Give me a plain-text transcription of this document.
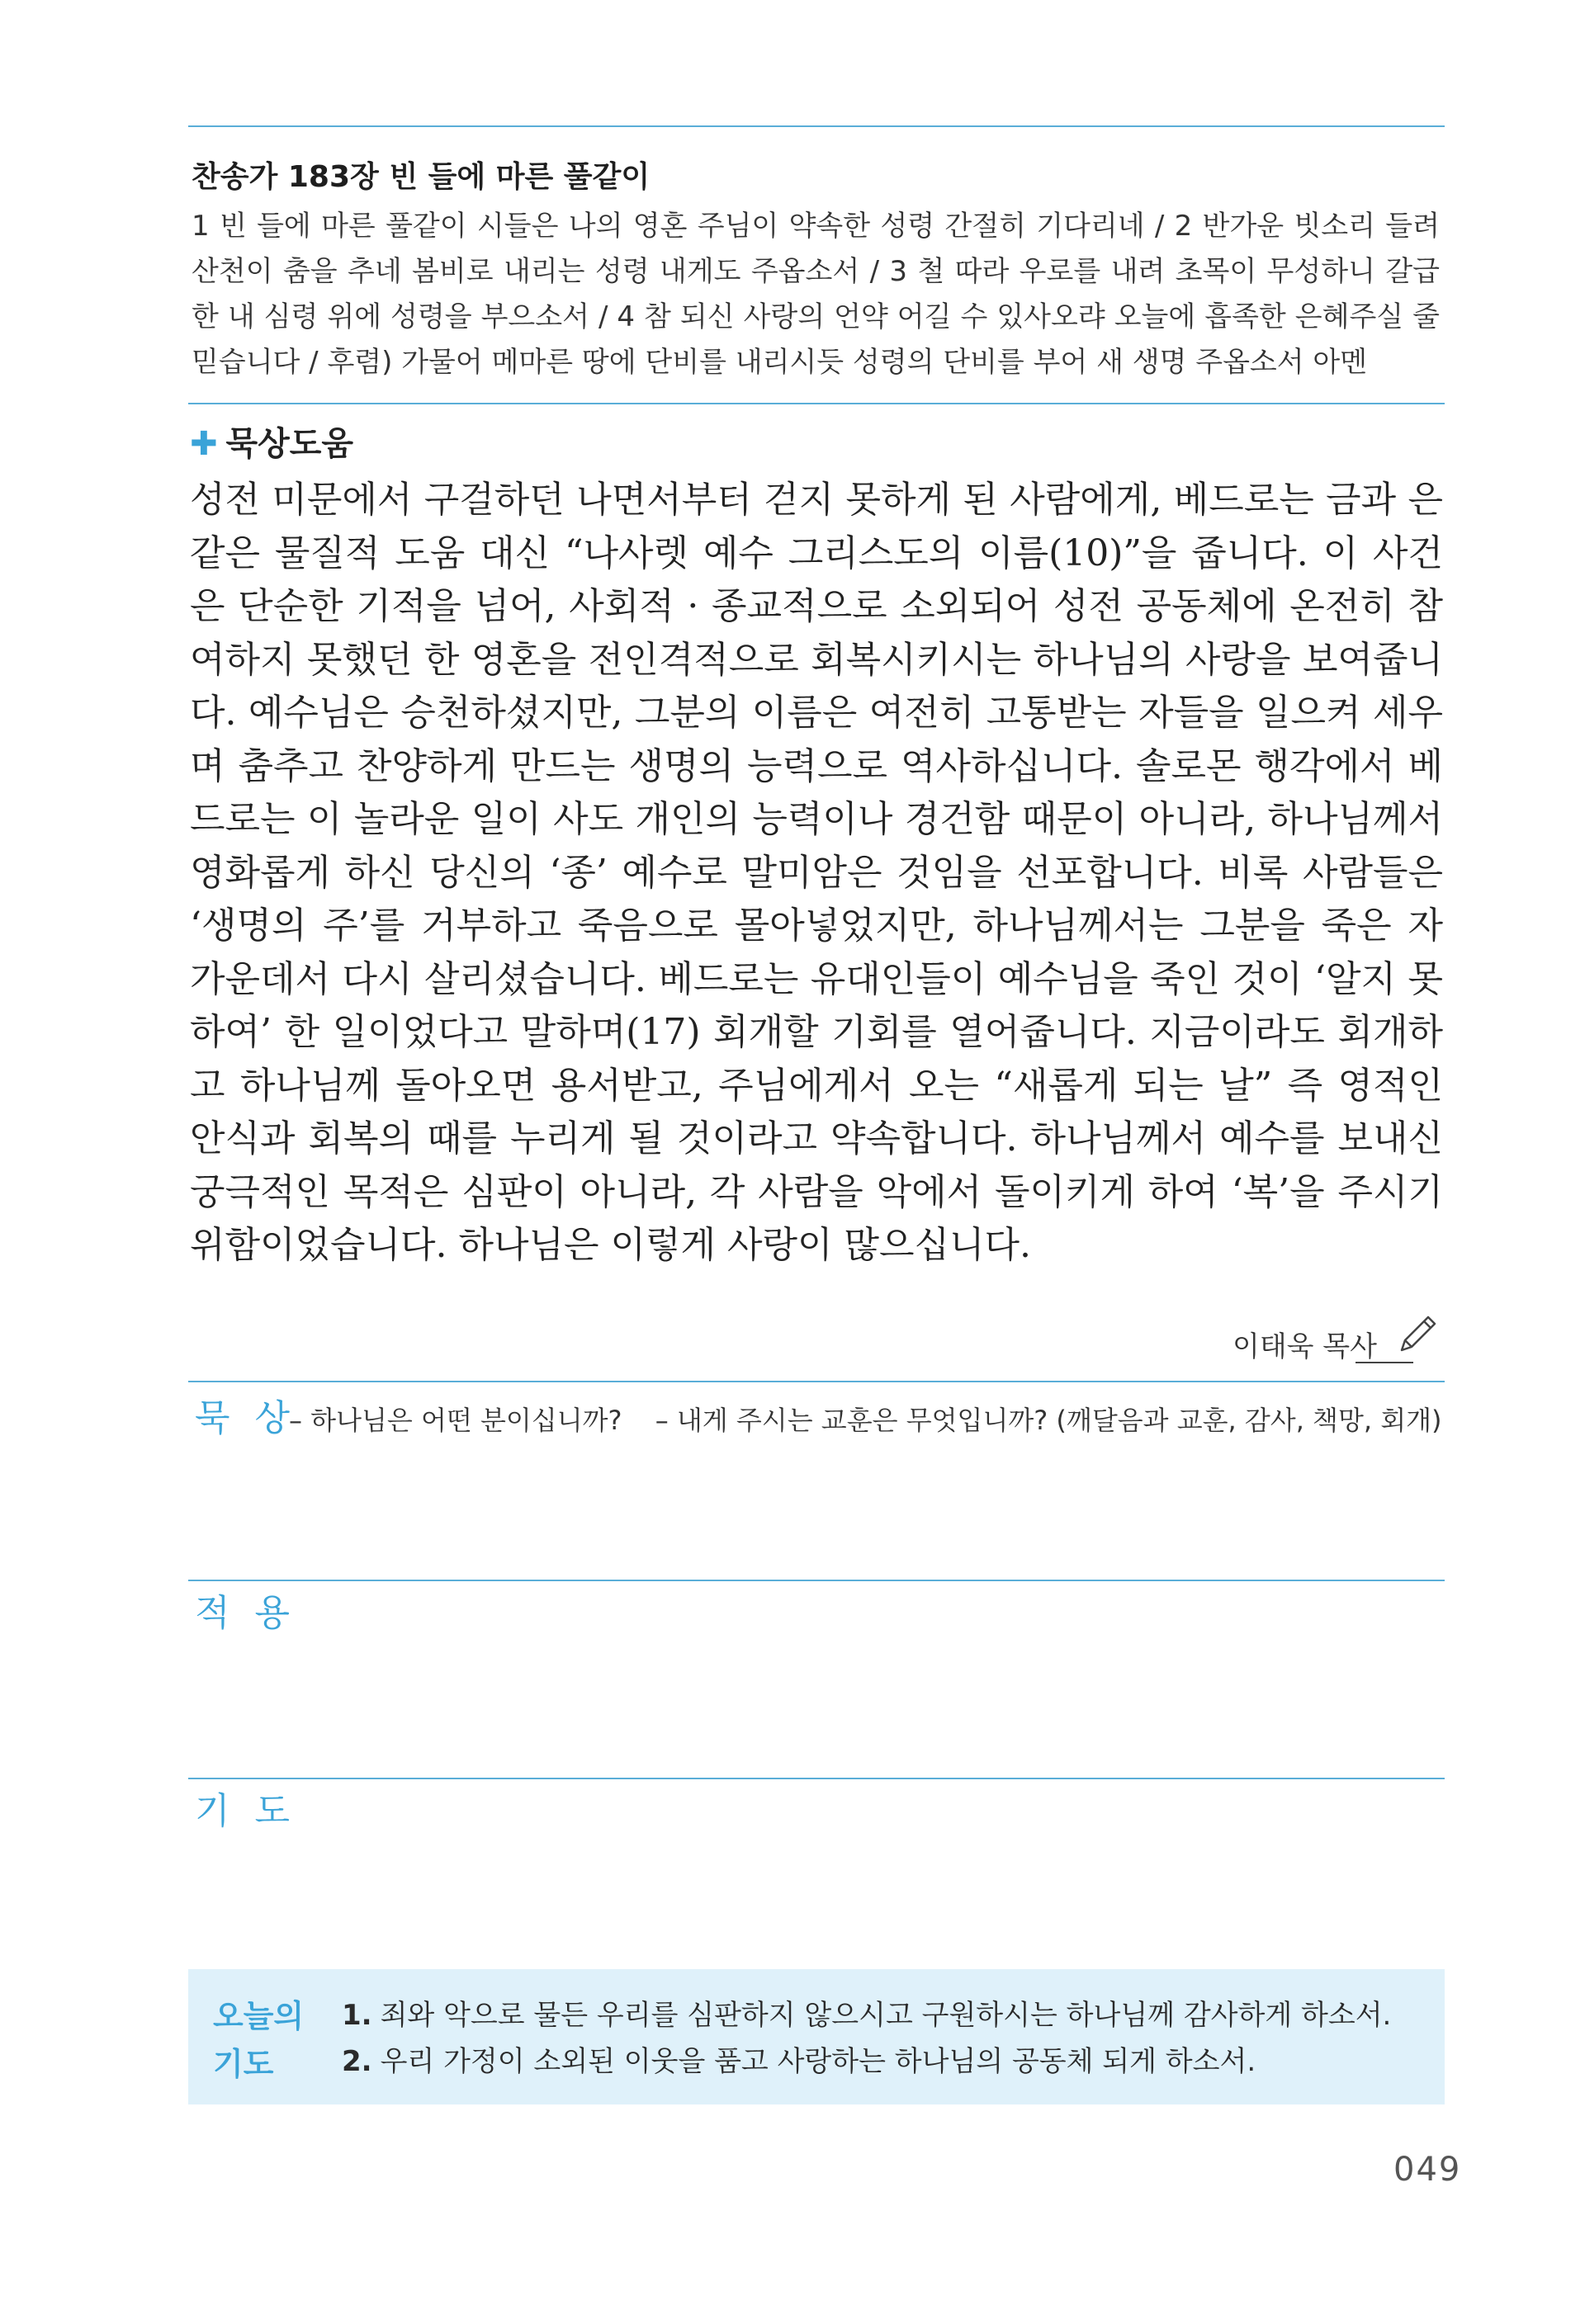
찬송가 183장 빈 들에 마른 풀같이
1 빈 들에 마른 풀같이 시들은 나의 영혼 주님이 약속한 성령 간절히 기다리네 / 2 반가운 빗소리 들려 산천이 춤을 추네 봄비로 내리는 성령 내게도 주옵소서 / 3 철 따라 우로를 내려 초목이 무성하니 갈급한 내 심령 위에 성령을 부으소서 / 4 참 되신 사랑의 언약 어길 수 있사오랴 오늘에 흡족한 은혜주실 줄 믿습니다 / 후렴) 가물어 메마른 땅에 단비를 내리시듯 성령의 단비를 부어 새 생명 주옵소서 아멘
✚ 묵상도움
성전 미문에서 구걸하던 나면서부터 걷지 못하게 된 사람에게, 베드로는 금과 은 같은 물질적 도움 대신 “나사렛 예수 그리스도의 이름(10)”을 줍니다. 이 사건은 단순한 기적을 넘어, 사회적 · 종교적으로 소외되어 성전 공동체에 온전히 참여하지 못했던 한 영혼을 전인격적으로 회복시키시는 하나님의 사랑을 보여줍니다. 예수님은 승천하셨지만, 그분의 이름은 여전히 고통받는 자들을 일으켜 세우며 춤추고 찬양하게 만드는 생명의 능력으로 역사하십니다. 솔로몬 행각에서 베드로는 이 놀라운 일이 사도 개인의 능력이나 경건함 때문이 아니라, 하나님께서 영화롭게 하신 당신의 ‘종’ 예수로 말미암은 것임을 선포합니다. 비록 사람들은 ‘생명의 주’를 거부하고 죽음으로 몰아넣었지만, 하나님께서는 그분을 죽은 자 가운데서 다시 살리셨습니다. 베드로는 유대인들이 예수님을 죽인 것이 ‘알지 못하여’ 한 일이었다고 말하며(17) 회개할 기회를 열어줍니다. 지금이라도 회개하고 하나님께 돌아오면 용서받고, 주님에게서 오는 “새롭게 되는 날” 즉 영적인 안식과 회복의 때를 누리게 될 것이라고 약속합니다. 하나님께서 예수를 보내신 궁극적인 목적은 심판이 아니라, 각 사람을 악에서 돌이키게 하여 ‘복’을 주시기 위함이었습니다. 하나님은 이렇게 사랑이 많으십니다.
이태욱 목사
묵 상
– 하나님은 어떤 분이십니까? – 내게 주시는 교훈은 무엇입니까? (깨달음과 교훈, 감사, 책망, 회개)
적 용
기 도
오늘의
기도
1. 죄와 악으로 물든 우리를 심판하지 않으시고 구원하시는 하나님께 감사하게 하소서.
2. 우리 가정이 소외된 이웃을 품고 사랑하는 하나님의 공동체 되게 하소서.
049
